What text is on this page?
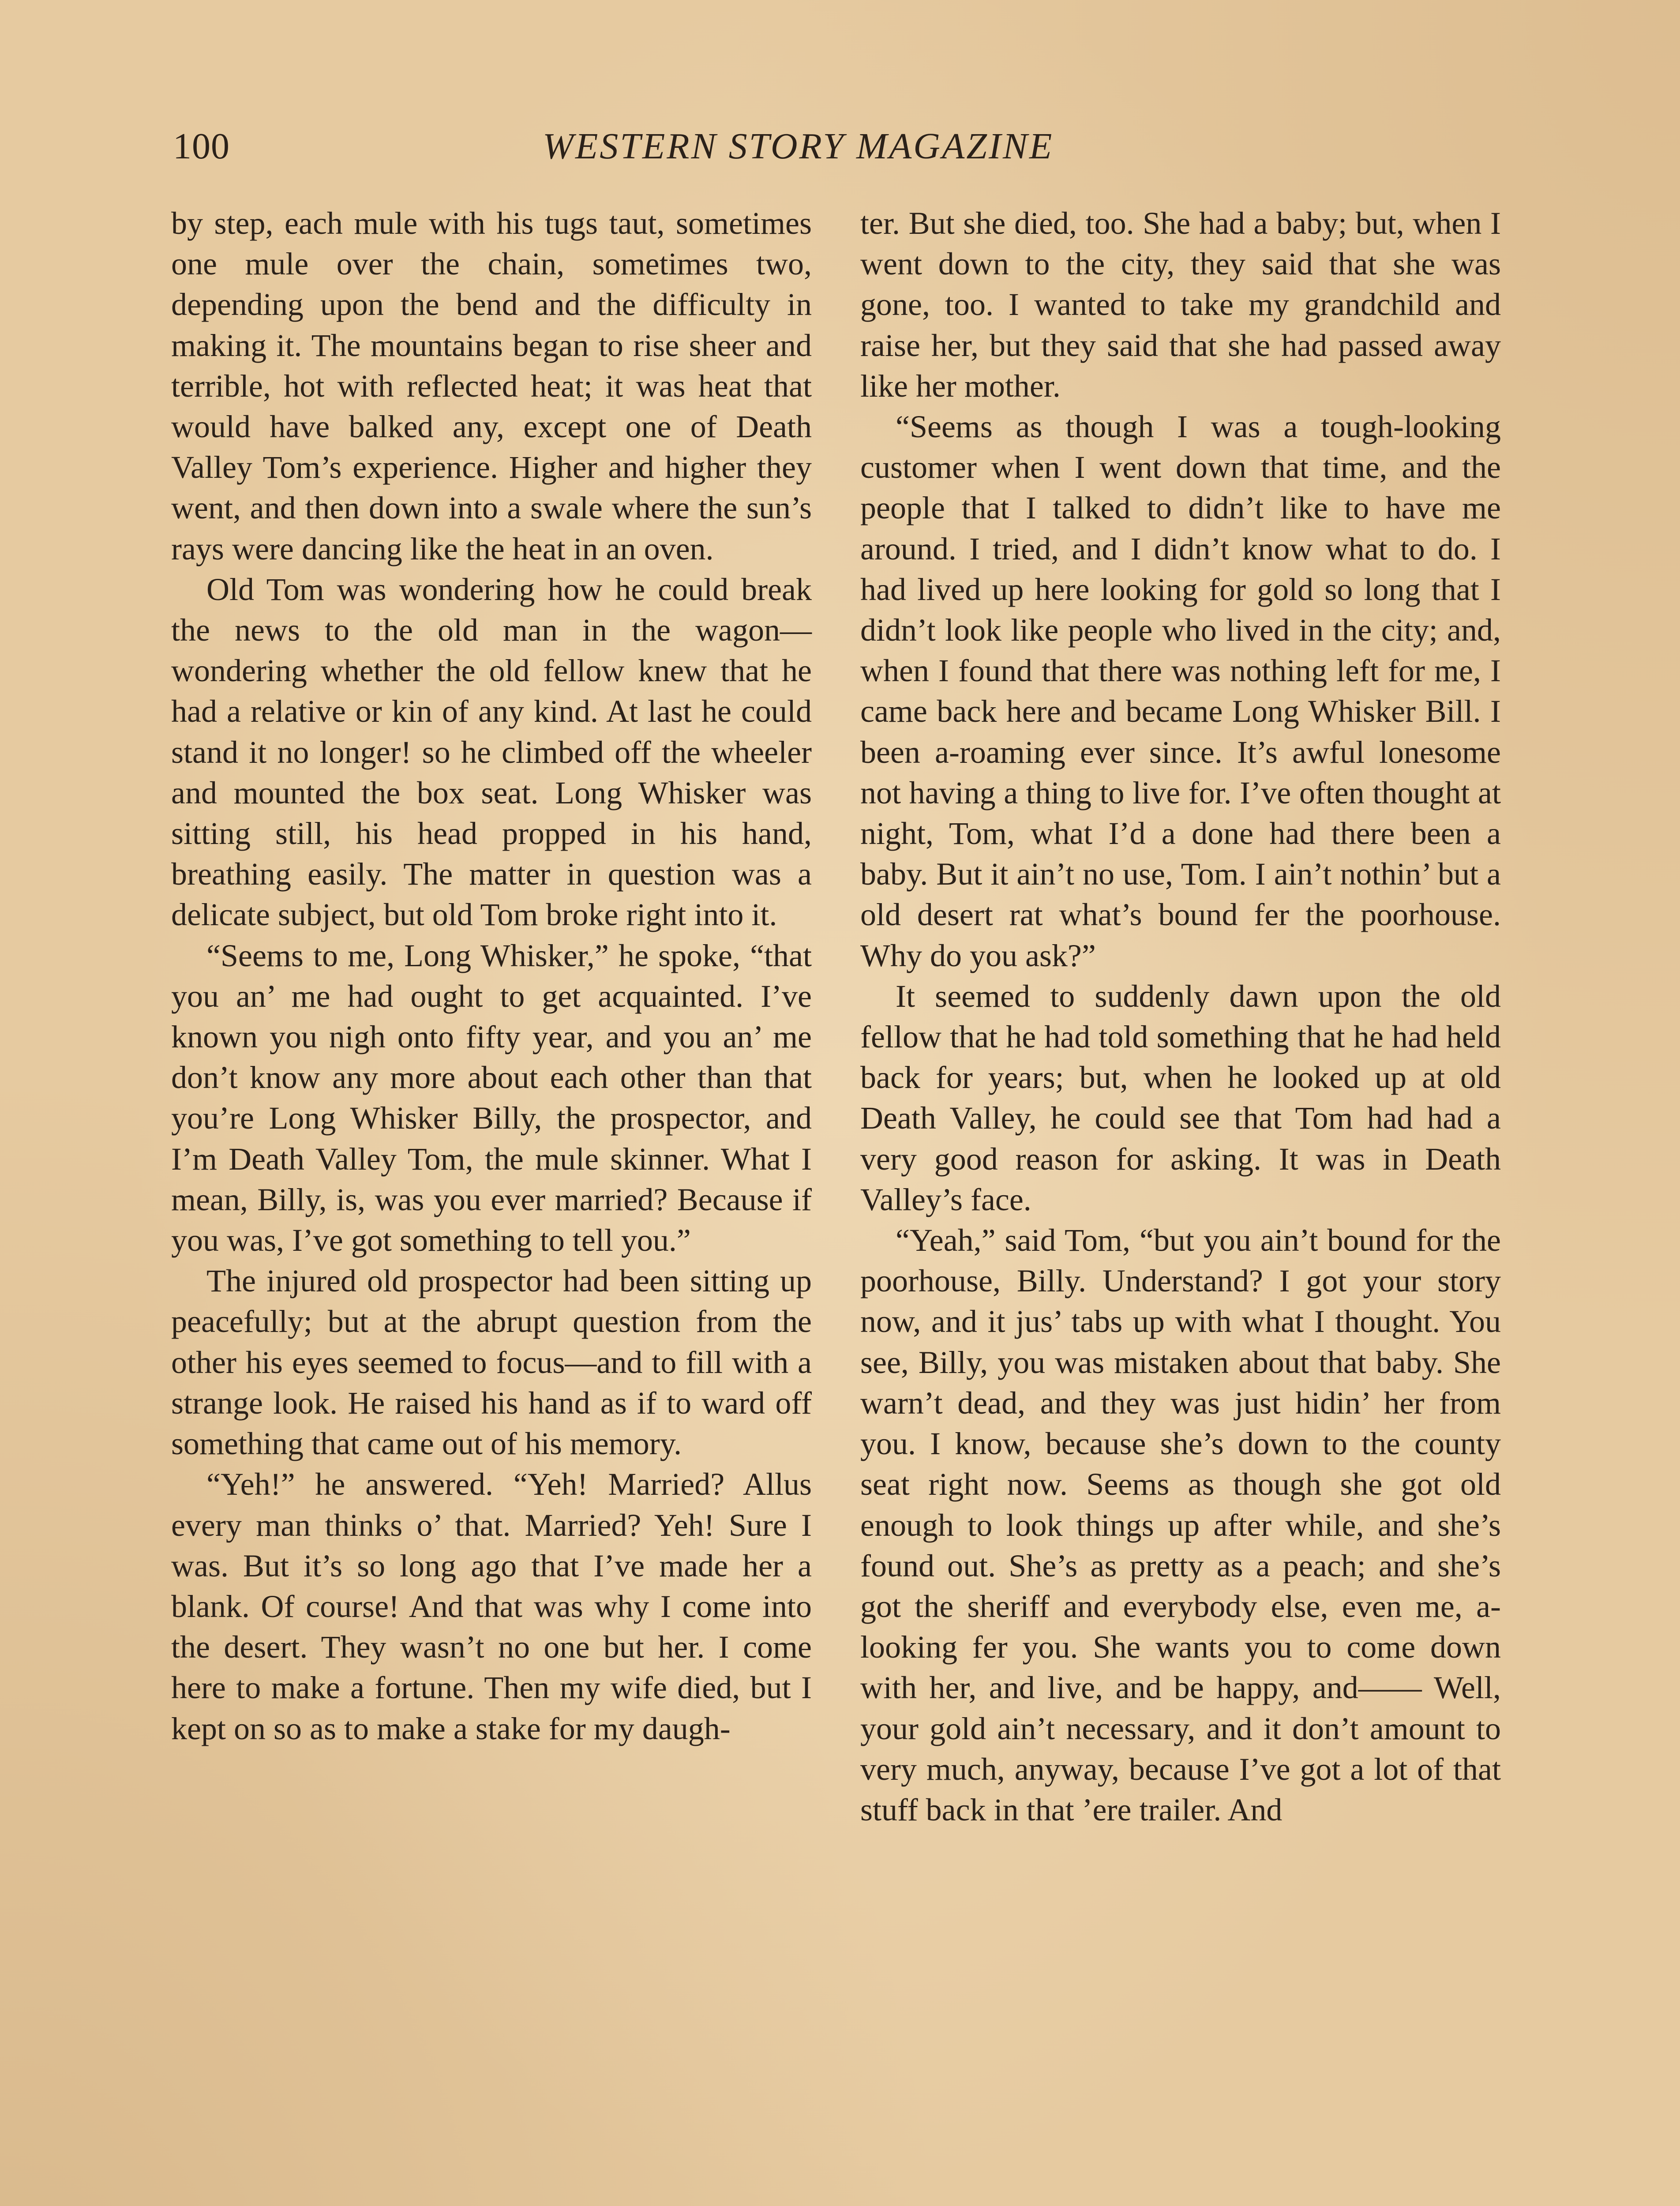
100	WESTERN STORY MAGAZINE

by step, each mule with his tugs taut, sometimes one mule over the chain, sometimes two, depending upon the bend and the difficulty in making it. The mountains began to rise sheer and terrible, hot with reflected heat; it was heat that would have balked any, except one of Death Valley Tom’s experience. Higher and higher they went, and then down into a swale where the sun’s rays were dancing like the heat in an oven.

Old Tom was wondering how he could break the news to the old man in the wagon—wondering whether the old fellow knew that he had a relative or kin of any kind. At last he could stand it no longer! so he climbed off the wheeler and mounted the box seat. Long Whisker was sitting still, his head propped in his hand, breathing easily. The matter in question was a delicate subject, but old Tom broke right into it.

“Seems to me, Long Whisker,” he spoke, “that you an’ me had ought to get acquainted. I’ve known you nigh onto fifty year, and you an’ me don’t know any more about each other than that you’re Long Whisker Billy, the prospector, and I’m Death Valley Tom, the mule skinner. What I mean, Billy, is, was you ever married? Because if you was, I’ve got something to tell you.”

The injured old prospector had been sitting up peacefully; but at the abrupt question from the other his eyes seemed to focus—and to fill with a strange look. He raised his hand as if to ward off something that came out of his memory.

“Yeh!” he answered. “Yeh! Married? Allus every man thinks o’ that. Married? Yeh! Sure I was. But it’s so long ago that I’ve made her a blank. Of course! And that was why I come into the desert. They wasn’t no one but her. I come here to make a fortune. Then my wife died, but I kept on so as to make a stake for my daugh-

ter. But she died, too. She had a baby; but, when I went down to the city, they said that she was gone, too. I wanted to take my grandchild and raise her, but they said that she had passed away like her mother.

“Seems as though I was a tough-looking customer when I went down that time, and the people that I talked to didn’t like to have me around. I tried, and I didn’t know what to do. I had lived up here looking for gold so long that I didn’t look like people who lived in the city; and, when I found that there was nothing left for me, I came back here and became Long Whisker Bill. I been a-roaming ever since. It’s awful lonesome not having a thing to live for. I’ve often thought at night, Tom, what I’d a done had there been a baby. But it ain’t no use, Tom. I ain’t nothin’ but a old desert rat what’s bound fer the poorhouse. Why do you ask?”

It seemed to suddenly dawn upon the old fellow that he had told something that he had held back for years; but, when he looked up at old Death Valley, he could see that Tom had had a very good reason for asking. It was in Death Valley’s face.

“Yeah,” said Tom, “but you ain’t bound for the poorhouse, Billy. Understand? I got your story now, and it jus’ tabs up with what I thought. You see, Billy, you was mistaken about that baby. She warn’t dead, and they was just hidin’ her from you. I know, because she’s down to the county seat right now. Seems as though she got old enough to look things up after while, and she’s found out. She’s as pretty as a peach; and she’s got the sheriff and everybody else, even me, a-looking fer you. She wants you to come down with her, and live, and be happy, and—— Well, your gold ain’t necessary, and it don’t amount to very much, anyway, because I’ve got a lot of that stuff back in that ’ere trailer. And
